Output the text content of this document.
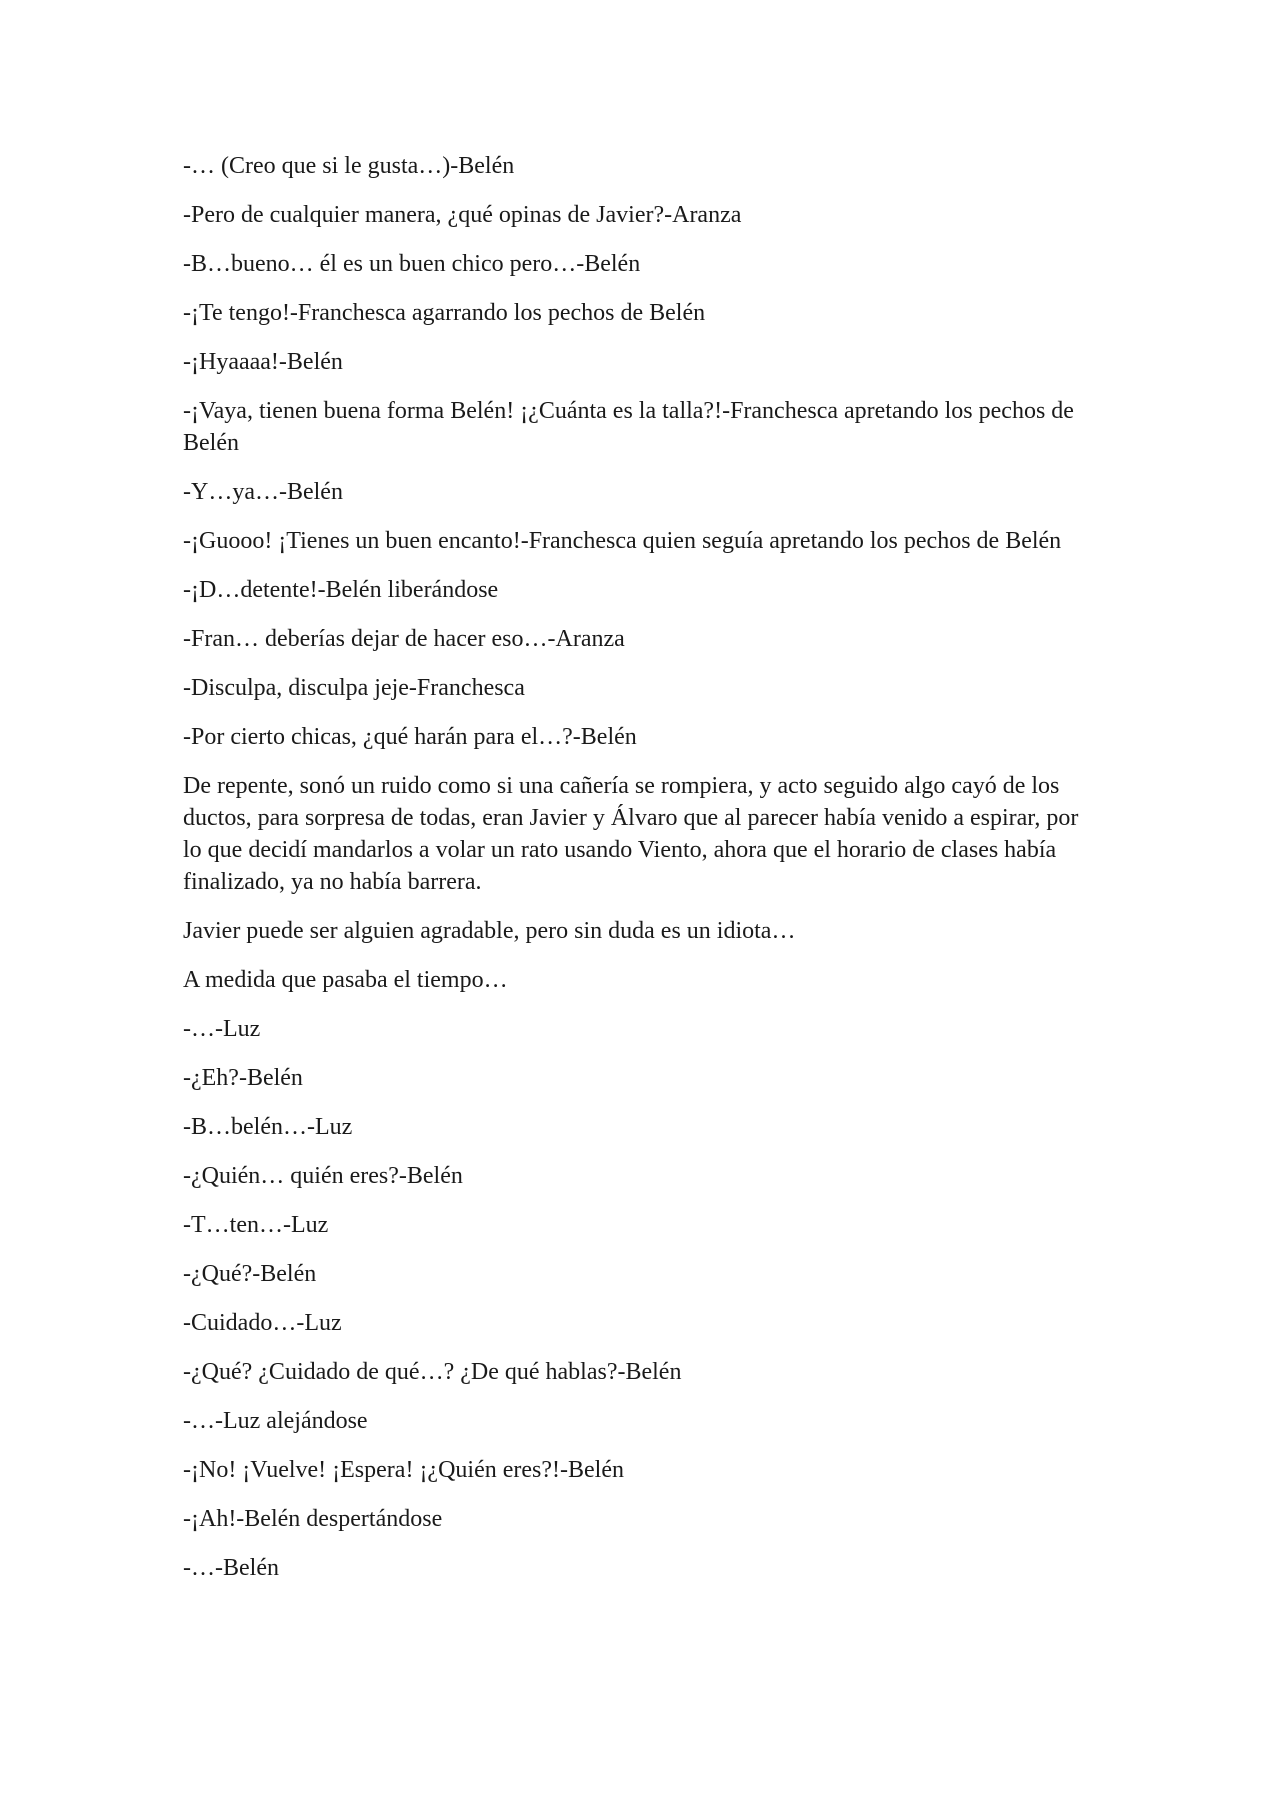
-… (Creo que si le gusta…)-Belén

-Pero de cualquier manera, ¿qué opinas de Javier?-Aranza

-B…bueno… él es un buen chico pero…-Belén

-¡Te tengo!-Franchesca agarrando los pechos de Belén

-¡Hyaaaa!-Belén

-¡Vaya, tienen buena forma Belén! ¡¿Cuánta es la talla?!-Franchesca apretando los pechos de Belén

-Y…ya…-Belén

-¡Guooo! ¡Tienes un buen encanto!-Franchesca quien seguía apretando los pechos de Belén

-¡D…detente!-Belén liberándose

-Fran… deberías dejar de hacer eso…-Aranza

-Disculpa, disculpa jeje-Franchesca

-Por cierto chicas, ¿qué harán para el…?-Belén

De repente, sonó un ruido como si una cañería se rompiera, y acto seguido algo cayó de los ductos, para sorpresa de todas, eran Javier y Álvaro que al parecer había venido a espirar, por lo que decidí mandarlos a volar un rato usando Viento, ahora que el horario de clases había finalizado, ya no había barrera.

Javier puede ser alguien agradable, pero sin duda es un idiota…

A medida que pasaba el tiempo…

-…-Luz

-¿Eh?-Belén

-B…belén…-Luz

-¿Quién… quién eres?-Belén

-T…ten…-Luz

-¿Qué?-Belén

-Cuidado…-Luz

-¿Qué? ¿Cuidado de qué…? ¿De qué hablas?-Belén

-…-Luz alejándose

-¡No! ¡Vuelve! ¡Espera! ¡¿Quién eres?!-Belén

-¡Ah!-Belén despertándose

-…-Belén
